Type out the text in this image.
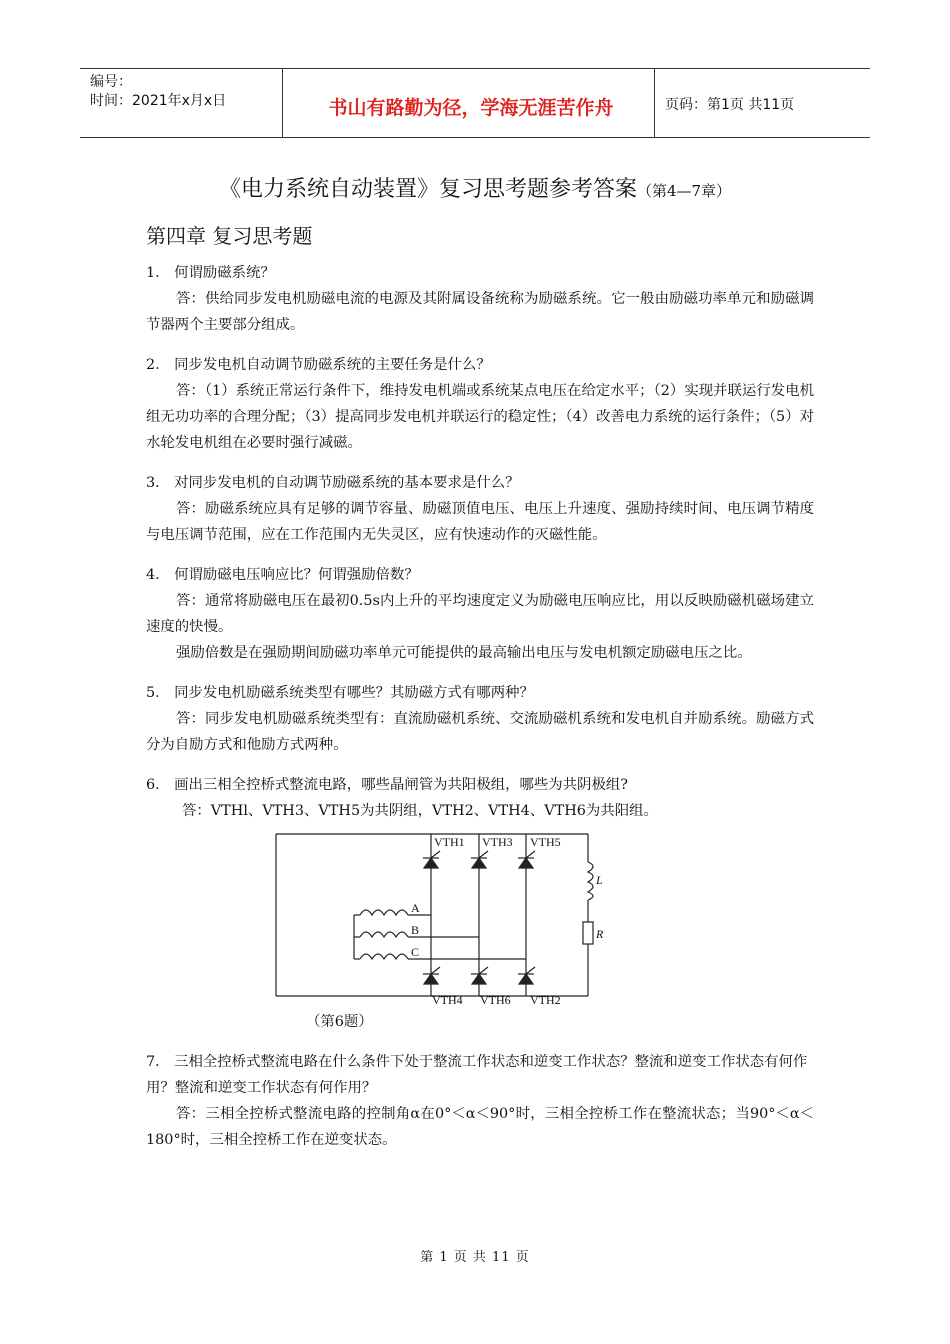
编号：
时间：2021年x月x日	书山有路勤为径，学海无涯苦作舟	页码：第1页 共11页
《电力系统自动装置》复习思考题参考答案（第4—7章）
第四章 复习思考题

1． 何谓励磁系统？

答：供给同步发电机励磁电流的电源及其附属设备统称为励磁系统。它一般由励磁功率单元和励磁调节器两个主要部分组成。

2． 同步发电机自动调节励磁系统的主要任务是什么？

答：（1）系统正常运行条件下，维持发电机端或系统某点电压在给定水平；（2）实现并联运行发电机组无功功率的合理分配；（3）提高同步发电机并联运行的稳定性；（4）改善电力系统的运行条件；（5）对水轮发电机组在必要时强行减磁。

3． 对同步发电机的自动调节励磁系统的基本要求是什么？

答：励磁系统应具有足够的调节容量、励磁顶值电压、电压上升速度、强励持续时间、电压调节精度与电压调节范围，应在工作范围内无失灵区，应有快速动作的灭磁性能。

4． 何谓励磁电压响应比？何谓强励倍数？

答：通常将励磁电压在最初0.5s内上升的平均速度定义为励磁电压响应比，用以反映励磁机磁场建立速度的快慢。

强励倍数是在强励期间励磁功率单元可能提供的最高输出电压与发电机额定励磁电压之比。

5． 同步发电机励磁系统类型有哪些？其励磁方式有哪两种？

答：同步发电机励磁系统类型有：直流励磁机系统、交流励磁机系统和发电机自并励系统。励磁方式分为自励方式和他励方式两种。

6． 画出三相全控桥式整流电路，哪些晶闸管为共阳极组，哪些为共阴极组?

答：VTHl、VTH3、VTH5为共阴组，VTH2、VTH4、VTH6为共阳组。

VTH1 VTH3 VTH5
VTH4 VTH6 VTH2
A
B
C
L
R

（第6题）

7． 三相全控桥式整流电路在什么条件下处于整流工作状态和逆变工作状态？整流和逆变工作状态有何作用？整流和逆变工作状态有何作用？

答：三相全控桥式整流电路的控制角α在0°＜α＜90°时，三相全控桥工作在整流状态；当90°＜α＜180°时，三相全控桥工作在逆变状态。

第 1 页 共 11 页
